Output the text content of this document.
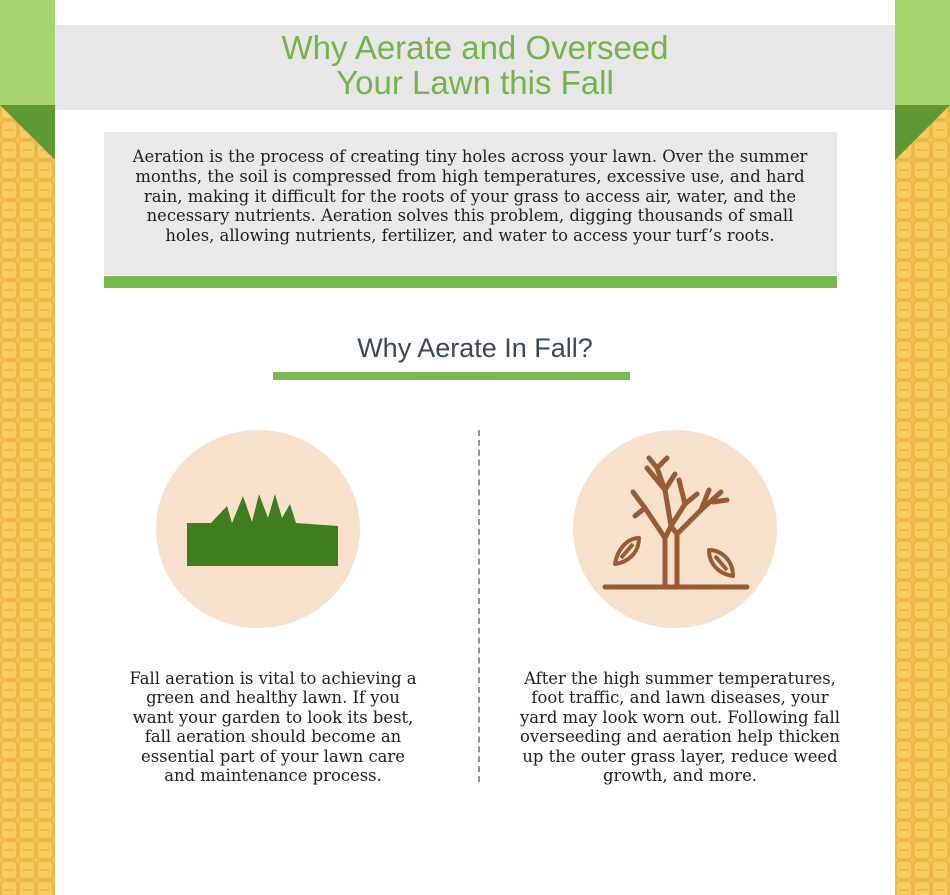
Why Aerate and Overseed
Your Lawn this Fall

Aeration is the process of creating tiny holes across your lawn. Over the summer months, the soil is compressed from high temperatures, excessive use, and hard rain, making it difficult for the roots of your grass to access air, water, and the necessary nutrients. Aeration solves this problem, digging thousands of small holes, allowing nutrients, fertilizer, and water to access your turf’s roots.

Why Aerate In Fall?

Fall aeration is vital to achieving a green and healthy lawn. If you want your garden to look its best, fall aeration should become an essential part of your lawn care and maintenance process.

After the high summer temperatures, foot traffic, and lawn diseases, your yard may look worn out. Following fall overseeding and aeration help thicken up the outer grass layer, reduce weed growth, and more.
